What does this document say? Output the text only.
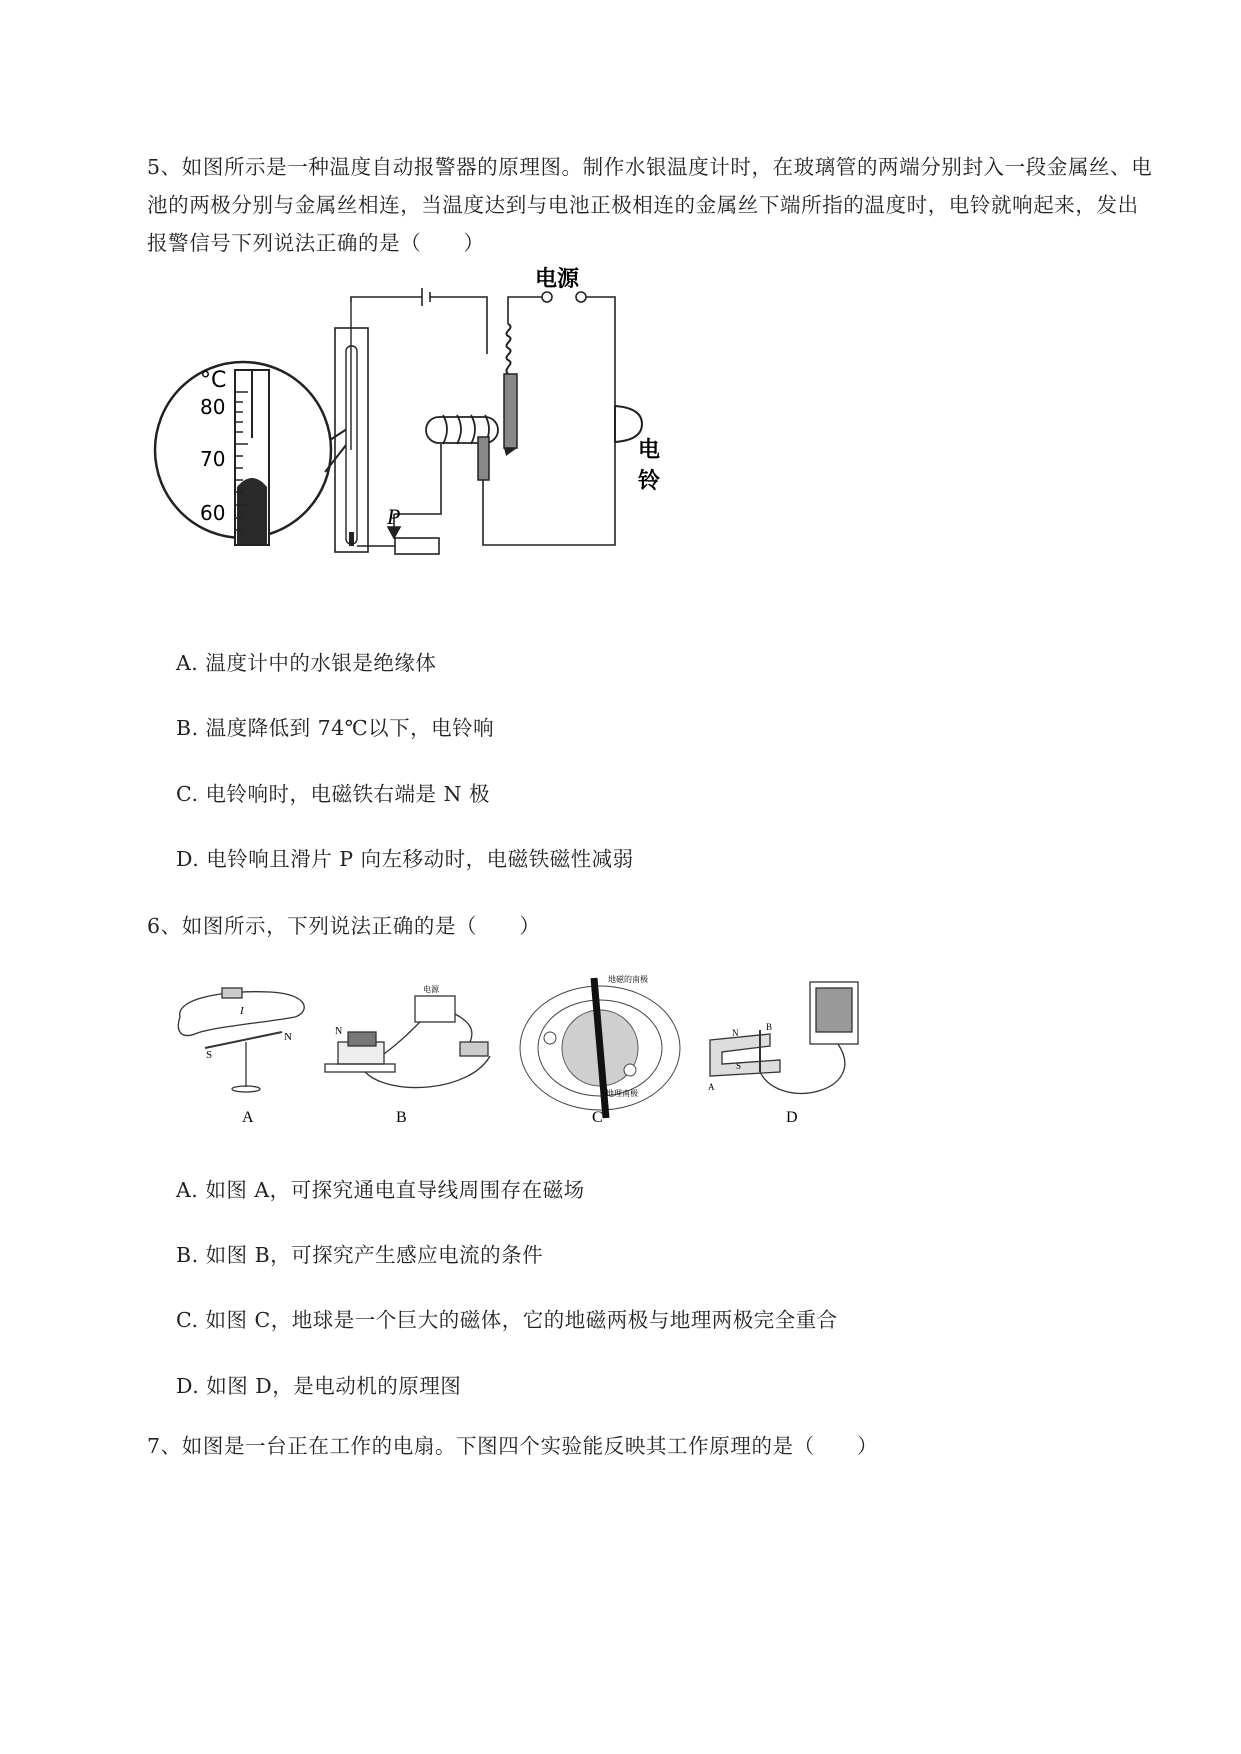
5、如图所示是一种温度自动报警器的原理图。制作水银温度计时，在玻璃管的两端分别封入一段金属丝、电池的两极分别与金属丝相连，当温度达到与电池正极相连的金属丝下端所指的温度时，电铃就响起来，发出报警信号下列说法正确的是（　　）

°C
80
70
60	P
电源
电
铃
A. 温度计中的水银是绝缘体
B. 温度降低到 74℃以下，电铃响
C. 电铃响时，电磁铁右端是 N 极
D. 电铃响且滑片 P 向左移动时，电磁铁磁性减弱

6、如图所示，下列说法正确的是（　　）

I
S
N
A
N
电源
B
地磁的南极
地理南极
C
N
S
A
B
D
A. 如图 A，可探究通电直导线周围存在磁场
B. 如图 B，可探究产生感应电流的条件
C. 如图 C，地球是一个巨大的磁体，它的地磁两极与地理两极完全重合
D. 如图 D，是电动机的原理图

7、如图是一台正在工作的电扇。下图四个实验能反映其工作原理的是（　　）
